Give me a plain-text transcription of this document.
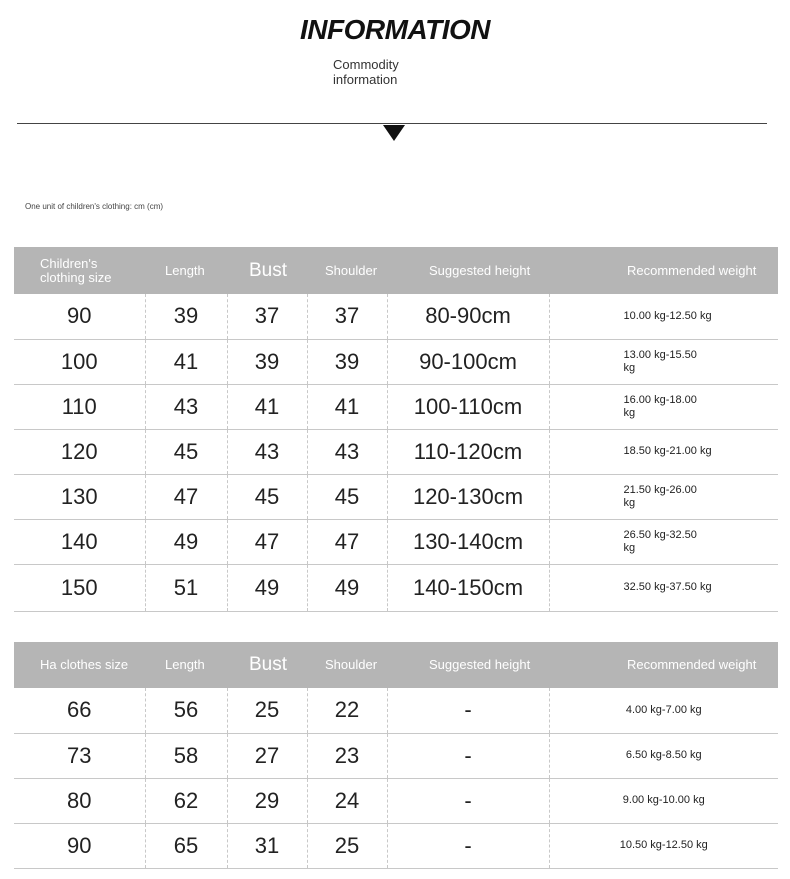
INFORMATION
Commodity information
One unit of children's clothing: cm (cm)
Children's clothing size	Length	Bust	Shoulder	Suggested height	Recommended weight
90	39	37	37	80-90cm	10.00 kg-12.50 kg
100	41	39	39	90-100cm	13.00 kg-15.50 kg
110	43	41	41	100-110cm	16.00 kg-18.00 kg
120	45	43	43	110-120cm	18.50 kg-21.00 kg
130	47	45	45	120-130cm	21.50 kg-26.00 kg
140	49	47	47	130-140cm	26.50 kg-32.50 kg
150	51	49	49	140-150cm	32.50 kg-37.50 kg
Ha clothes size	Length	Bust	Shoulder	Suggested height	Recommended weight
66	56	25	22	-	4.00 kg-7.00 kg
73	58	27	23	-	6.50 kg-8.50 kg
80	62	29	24	-	9.00 kg-10.00 kg
90	65	31	25	-	10.50 kg-12.50 kg
